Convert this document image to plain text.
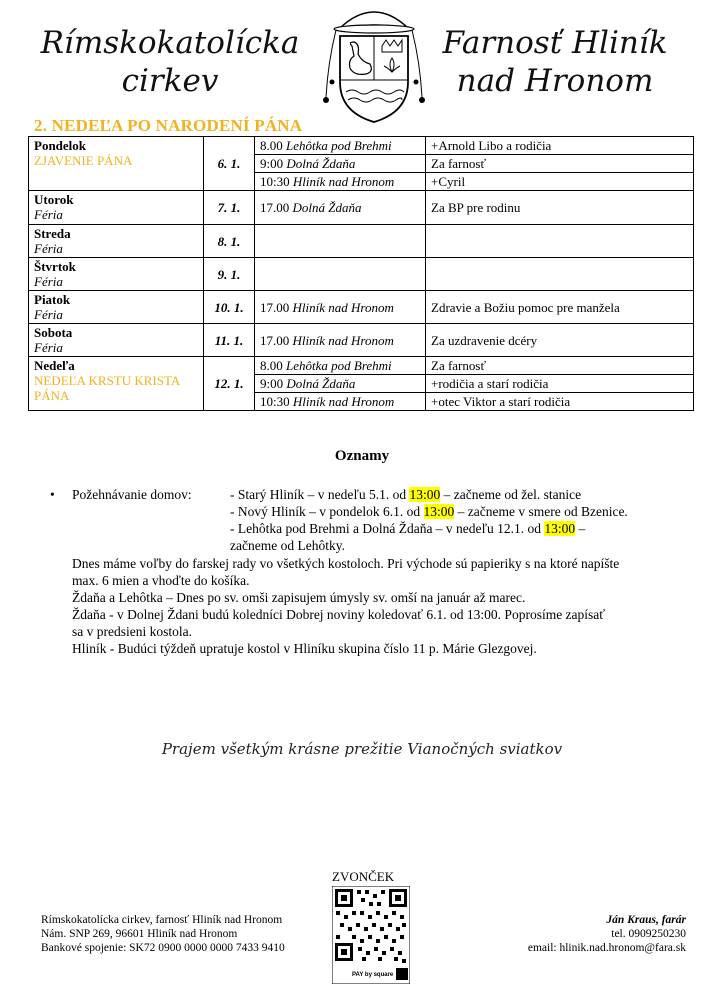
Rímskokatolícka
cirkev
Farnosť Hliník
nad Hronom
2. NEDEĽA PO NARODENÍ PÁNA
Pondelok
ZJAVENIE PÁNA	6. 1.	8.00 Lehôtka pod Brehmi	+Arnold Libo a rodičia
		9:00 Dolná Ždaňa	Za farnosť
		10:30 Hliník nad Hronom	+Cyril

Utorok
Féria	7. 1.	17.00 Dolná Ždaňa	Za BP pre rodinu

Streda
Féria	8. 1.		

Štvrtok
Féria	9. 1.		

Piatok
Féria	10. 1.	17.00 Hliník nad Hronom	Zdravie a Božiu pomoc pre manžela

Sobota
Féria	11. 1.	17.00 Hliník nad Hronom	Za uzdravenie dcéry

Nedeľa
NEDEĽA KRSTU KRISTA PÁNA	12. 1.	8.00 Lehôtka pod Brehmi	Za farnosť
		9:00 Dolná Ždaňa	+rodičia a starí rodičia
		10:30 Hliník nad Hronom	+otec Viktor a starí rodičia
Oznamy
• Požehnávanie domov:	- Starý Hliník – v nedeľu 5.1. od 13:00 – začneme od žel. stanice
- Nový Hliník – v pondelok 6.1. od 13:00 – začneme v smere od Bzenice.
- Lehôtka pod Brehmi a Dolná Ždaňa – v nedeľu 12.1. od 13:00 –
začneme od Lehôtky.
Dnes máme voľby do farskej rady vo všetkých kostoloch. Pri východe sú papieriky s na ktoré napíšte
max. 6 mien a vhoďte do košíka.
Ždaňa a Lehôtka – Dnes po sv. omši zapisujem úmysly sv. omší na január až marec.
Ždaňa - v Dolnej Ždani budú koledníci Dobrej noviny koledovať 6.1. od 13:00. Poprosíme zapísať
sa v predsieni kostola.
Hliník - Budúci týždeň upratuje kostol v Hliníku skupina číslo 11 p. Márie Glezgovej.
Prajem všetkým krásne prežitie Vianočných sviatkov
ZVONČEK
PAY by square
Rímskokatolícka cirkev, farnosť Hliník nad Hronom
Nám. SNP 269, 96601 Hliník nad Hronom
Bankové spojenie: SK72 0900 0000 0000 7433 9410
Ján Kraus, farár
tel. 0909250230
email: hlinik.nad.hronom@fara.sk
